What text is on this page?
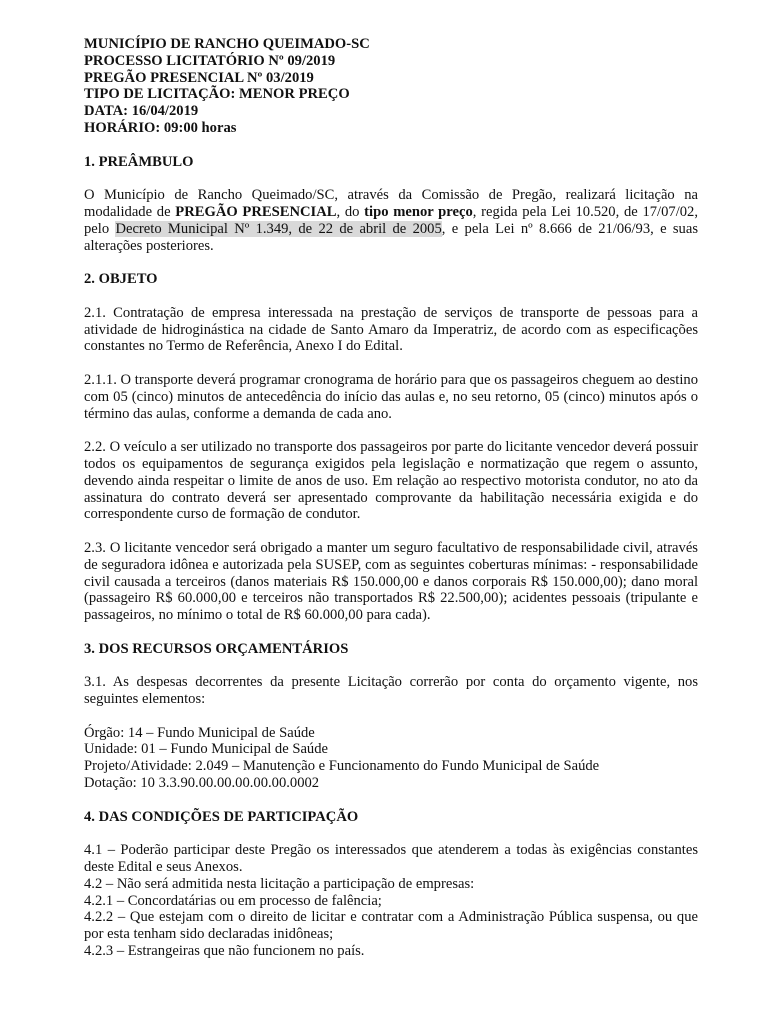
MUNICÍPIO DE RANCHO QUEIMADO-SC
PROCESSO LICITATÓRIO Nº 09/2019
PREGÃO PRESENCIAL Nº 03/2019
TIPO DE LICITAÇÃO: MENOR PREÇO
DATA: 16/04/2019
HORÁRIO: 09:00 horas
1. PREÂMBULO

O Município de Rancho Queimado/SC, através da Comissão de Pregão, realizará licitação na modalidade de PREGÃO PRESENCIAL, do tipo menor preço, regida pela Lei 10.520, de 17/07/02, pelo Decreto Municipal Nº 1.349, de 22 de abril de 2005, e pela Lei nº 8.666 de 21/06/93, e suas alterações posteriores.

2. OBJETO

2.1. Contratação de empresa interessada na prestação de serviços de transporte de pessoas para a atividade de hidroginástica na cidade de Santo Amaro da Imperatriz, de acordo com as especificações constantes no Termo de Referência, Anexo I do Edital.

2.1.1. O transporte deverá programar cronograma de horário para que os passageiros cheguem ao destino com 05 (cinco) minutos de antecedência do início das aulas e, no seu retorno, 05 (cinco) minutos após o término das aulas, conforme a demanda de cada ano.

2.2. O veículo a ser utilizado no transporte dos passageiros por parte do licitante vencedor deverá possuir todos os equipamentos de segurança exigidos pela legislação e normatização que regem o assunto, devendo ainda respeitar o limite de anos de uso. Em relação ao respectivo motorista condutor, no ato da assinatura do contrato deverá ser apresentado comprovante da habilitação necessária exigida e do correspondente curso de formação de condutor.

2.3. O licitante vencedor será obrigado a manter um seguro facultativo de responsabilidade civil, através de seguradora idônea e autorizada pela SUSEP, com as seguintes coberturas mínimas: - responsabilidade civil causada a terceiros (danos materiais R$ 150.000,00 e danos corporais R$ 150.000,00); dano moral (passageiro R$ 60.000,00 e terceiros não transportados R$ 22.500,00); acidentes pessoais (tripulante e passageiros, no mínimo o total de R$ 60.000,00 para cada).

3. DOS RECURSOS ORÇAMENTÁRIOS

3.1. As despesas decorrentes da presente Licitação correrão por conta do orçamento vigente, nos seguintes elementos:

Órgão: 14 – Fundo Municipal de Saúde
Unidade: 01 – Fundo Municipal de Saúde
Projeto/Atividade: 2.049 – Manutenção e Funcionamento do Fundo Municipal de Saúde
Dotação: 10 3.3.90.00.00.00.00.00.0002
4. DAS CONDIÇÕES DE PARTICIPAÇÃO

4.1 – Poderão participar deste Pregão os interessados que atenderem a todas às exigências constantes deste Edital e seus Anexos.

4.2 – Não será admitida nesta licitação a participação de empresas:

4.2.1 – Concordatárias ou em processo de falência;

4.2.2 – Que estejam com o direito de licitar e contratar com a Administração Pública suspensa, ou que por esta tenham sido declaradas inidôneas;

4.2.3 – Estrangeiras que não funcionem no país.
